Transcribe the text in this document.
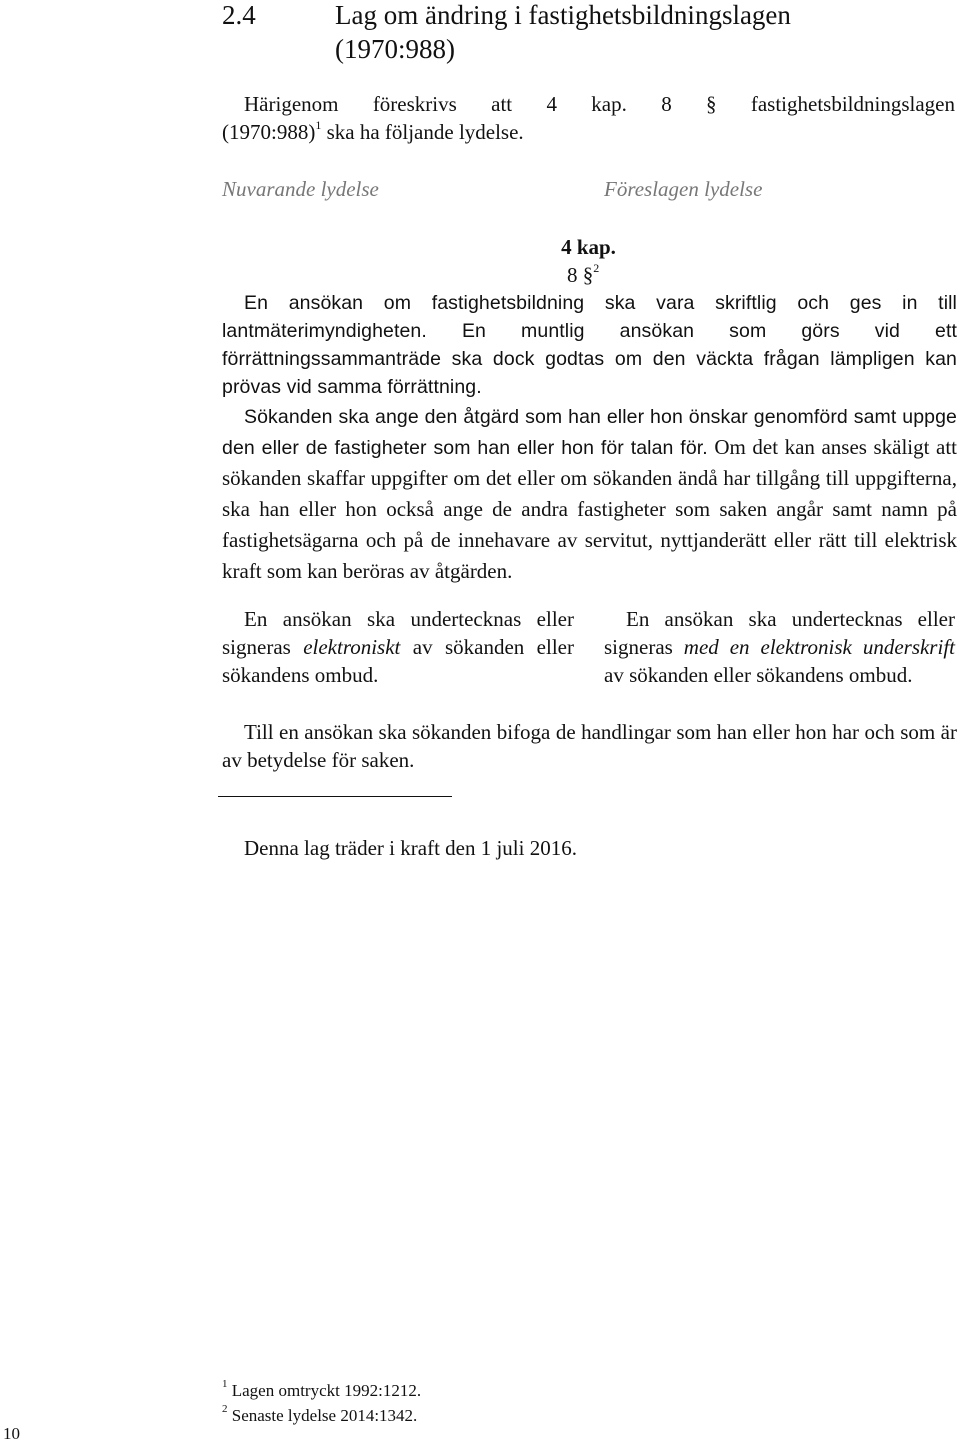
2.4	Lag om ändring i fastighetsbildningslagen
(1970:988)
Härigenom föreskrivs att 4 kap. 8 § fastighetsbildningslagen
(1970:988)$^1$ ska ha följande lydelse.
Nuvarande lydelse	Föreslagen lydelse
4 kap.
8 §$^2$
En ansökan om fastighetsbildning ska vara skriftlig och ges in till lantmäterimyndigheten. En muntlig ansökan som görs vid ett förrättningssammanträde ska dock godtas om den väckta frågan lämpligen kan prövas vid samma förrättning.
Sökanden ska ange den åtgärd som han eller hon önskar genomförd samt uppge den eller de fastigheter som han eller hon för talan för. Om det kan anses skäligt att sökanden skaffar uppgifter om det eller om sökanden ändå har tillgång till uppgifterna, ska han eller hon också ange de andra fastigheter som saken angår samt namn på fastighetsägarna och på de innehavare av servitut, nyttjanderätt eller rätt till elektrisk kraft som kan beröras av åtgärden.
En ansökan ska undertecknas eller signeras elektroniskt av sökanden eller sökandens ombud.
En ansökan ska undertecknas eller signeras med en elektronisk underskrift av sökanden eller sökandens ombud.
Till en ansökan ska sökanden bifoga de handlingar som han eller hon har och som är av betydelse för saken.
Denna lag träder i kraft den 1 juli 2016.
$^1$ Lagen omtryckt 1992:1212.
$^2$ Senaste lydelse 2014:1342.
10
